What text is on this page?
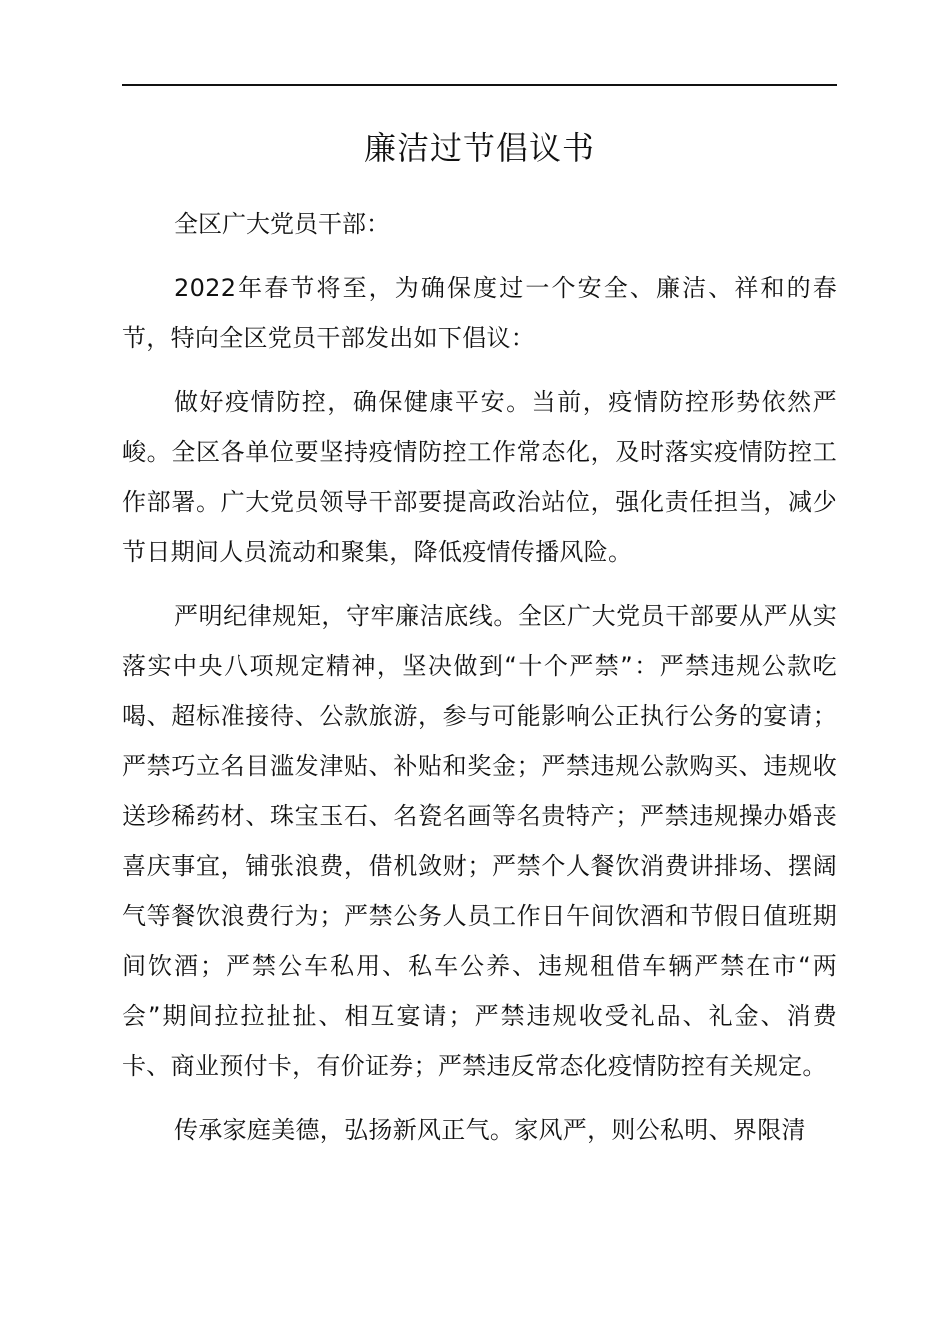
廉洁过节倡议书

全区广大党员干部：

2022年春节将至，为确保度过一个安全、廉洁、祥和的春节，特向全区党员干部发出如下倡议：

做好疫情防控，确保健康平安。当前，疫情防控形势依然严峻。全区各单位要坚持疫情防控工作常态化，及时落实疫情防控工作部署。广大党员领导干部要提高政治站位，强化责任担当，减少节日期间人员流动和聚集，降低疫情传播风险。

严明纪律规矩，守牢廉洁底线。全区广大党员干部要从严从实落实中央八项规定精神，坚决做到“十个严禁”：严禁违规公款吃喝、超标准接待、公款旅游，参与可能影响公正执行公务的宴请；严禁巧立名目滥发津贴、补贴和奖金；严禁违规公款购买、违规收送珍稀药材、珠宝玉石、名瓷名画等名贵特产；严禁违规操办婚丧喜庆事宜，铺张浪费，借机敛财；严禁个人餐饮消费讲排场、摆阔气等餐饮浪费行为；严禁公务人员工作日午间饮酒和节假日值班期间饮酒；严禁公车私用、私车公养、违规租借车辆严禁在市“两会”期间拉拉扯扯、相互宴请；严禁违规收受礼品、礼金、消费卡、商业预付卡，有价证券；严禁违反常态化疫情防控有关规定。

传承家庭美德，弘扬新风正气。家风严，则公私明、界限清
